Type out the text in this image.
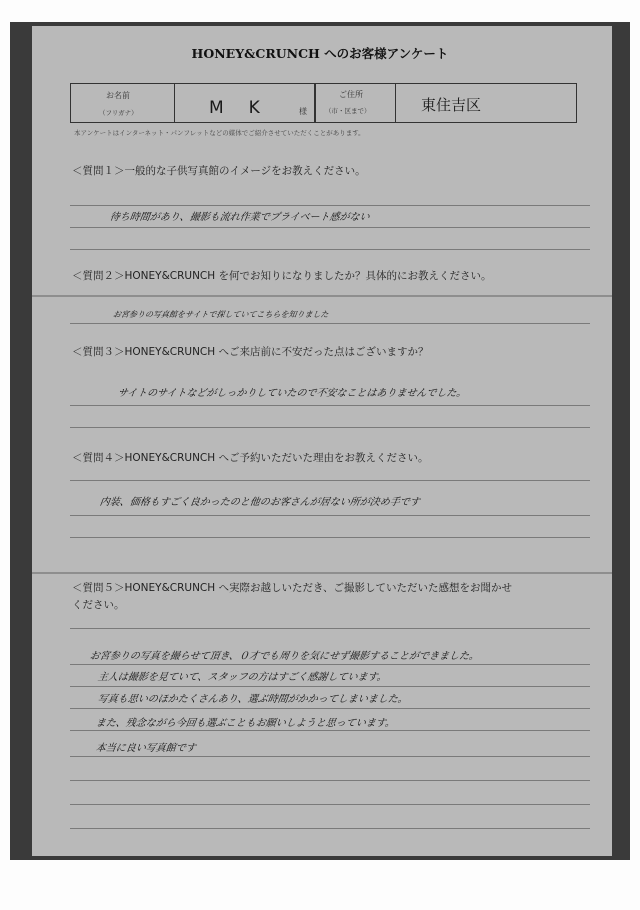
HONEY&CRUNCH へのお客様アンケート
お名前
（フリガナ）	M　K	様
ご住所
（市・区まで）	東住吉区
本アンケートはインターネット・パンフレットなどの媒体でご紹介させていただくことがあります。
＜質問１＞一般的な子供写真館のイメージをお教えください。
待ち時間があり、撮影も流れ作業でプライベート感がない
＜質問２＞HONEY&CRUNCH を何でお知りになりましたか？具体的にお教えください。
お宮参りの写真館をサイトで探していてこちらを知りました
＜質問３＞HONEY&CRUNCH へご来店前に不安だった点はございますか？
サイトのサイトなどがしっかりしていたので不安なことはありませんでした。
＜質問４＞HONEY&CRUNCH へご予約いただいた理由をお教えください。
内装、価格もすごく良かったのと他のお客さんが居ない所が決め手です
＜質問５＞HONEY&CRUNCH へ実際お越しいただき、ご撮影していただいた感想をお聞かせ
ください。
お宮参りの写真を撮らせて頂き、０才でも周りを気にせず撮影することができました。
主人は撮影を見ていて、スタッフの方はすごく感謝しています。
写真も思いのほかたくさんあり、選ぶ時間がかかってしまいました。
また、残念ながら今回も選ぶこともお願いしようと思っています。
本当に良い写真館です
